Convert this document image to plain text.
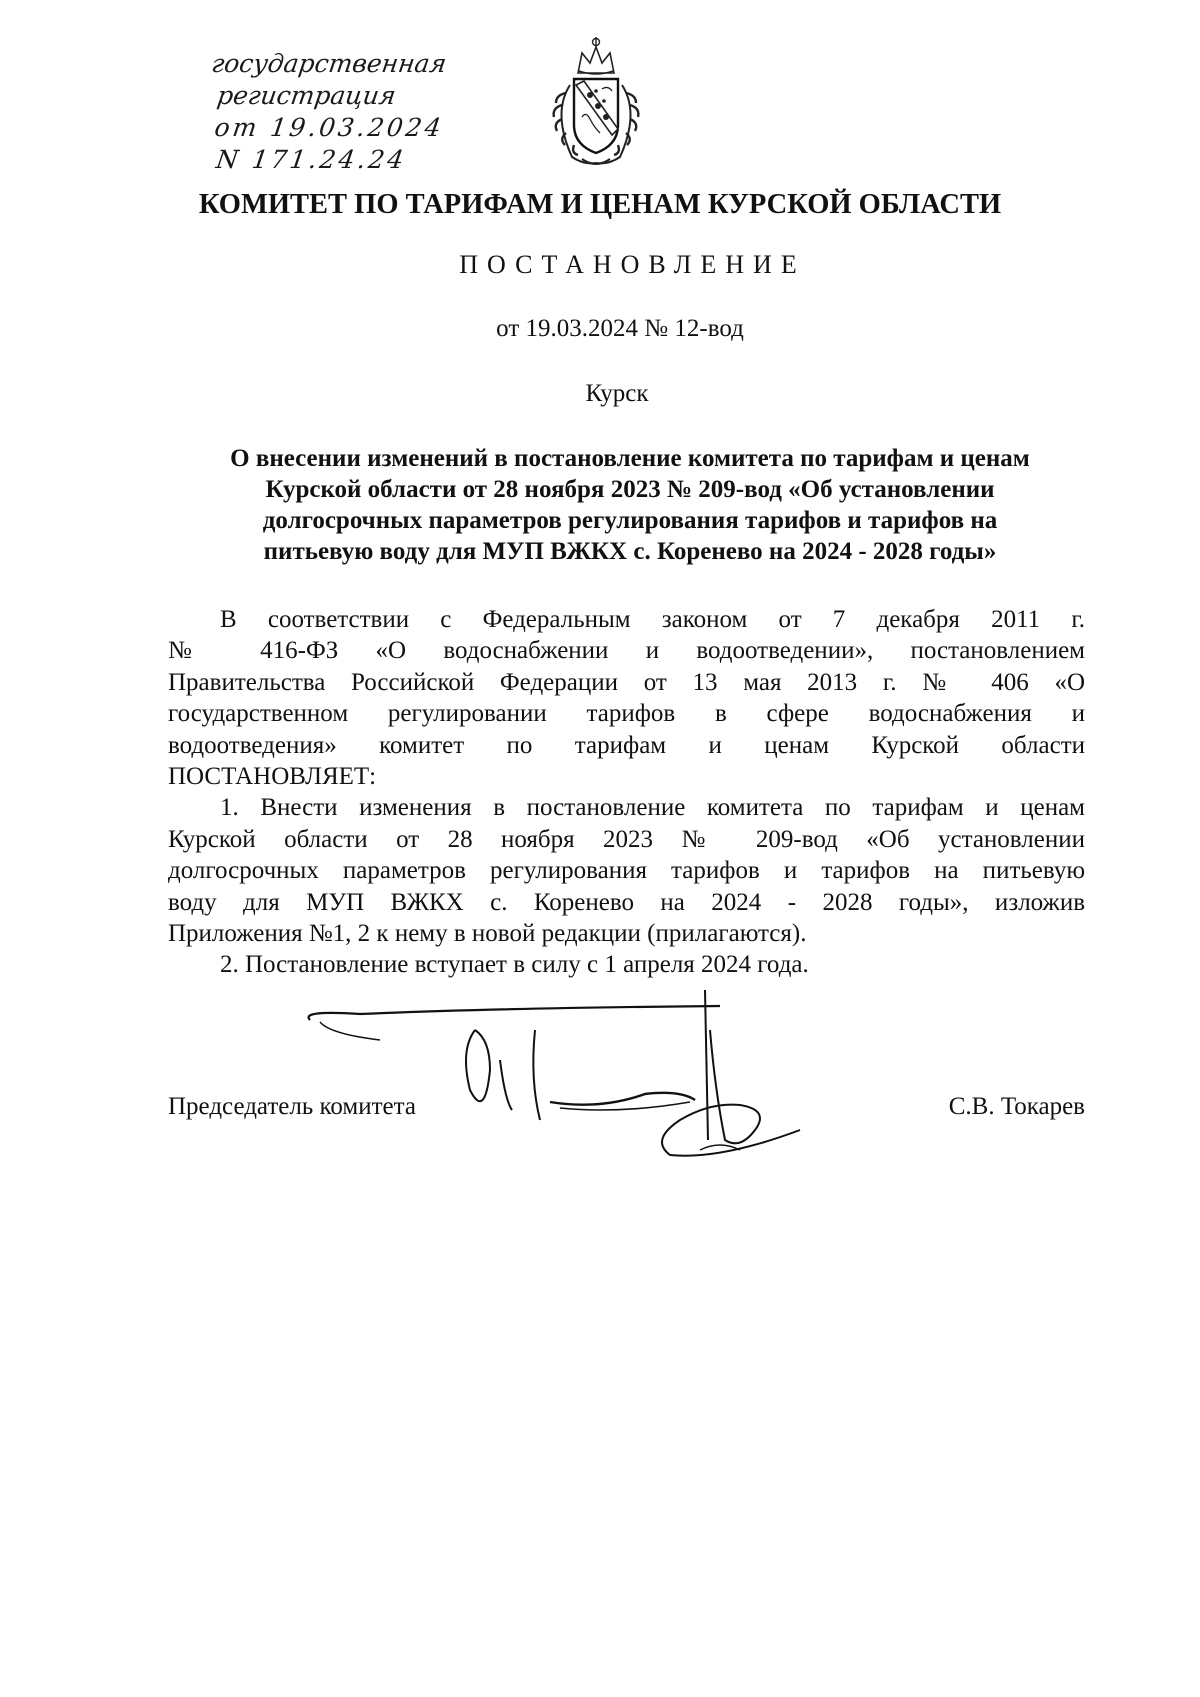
государственная
регистрация
от 19.03.2024
N 171.24.24
КОМИТЕТ ПО ТАРИФАМ И ЦЕНАМ КУРСКОЙ ОБЛАСТИ
ПОСТАНОВЛЕНИЕ
от 19.03.2024 № 12-вод
Курск
О внесении изменений в постановление комитета по тарифам и ценам
Курской области от 28 ноября 2023 № 209-вод «Об установлении
долгосрочных параметров регулирования тарифов и тарифов на
питьевую воду для МУП ВЖКХ с. Коренево на 2024 - 2028 годы»
В соответствии с Федеральным законом от 7 декабря 2011 г.
№ 416-ФЗ «О водоснабжении и водоотведении», постановлением
Правительства Российской Федерации от 13 мая 2013 г. № 406 «О
государственном регулировании тарифов в сфере водоснабжения и
водоотведения» комитет по тарифам и ценам Курской области
ПОСТАНОВЛЯЕТ:
1. Внести изменения в постановление комитета по тарифам и ценам
Курской области от 28 ноября 2023 № 209-вод «Об установлении
долгосрочных параметров регулирования тарифов и тарифов на питьевую
воду для МУП ВЖКХ с. Коренево на 2024 - 2028 годы», изложив
Приложения №1, 2 к нему в новой редакции (прилагаются).
2. Постановление вступает в силу с 1 апреля 2024 года.
Председатель комитета	С.В. Токарев
